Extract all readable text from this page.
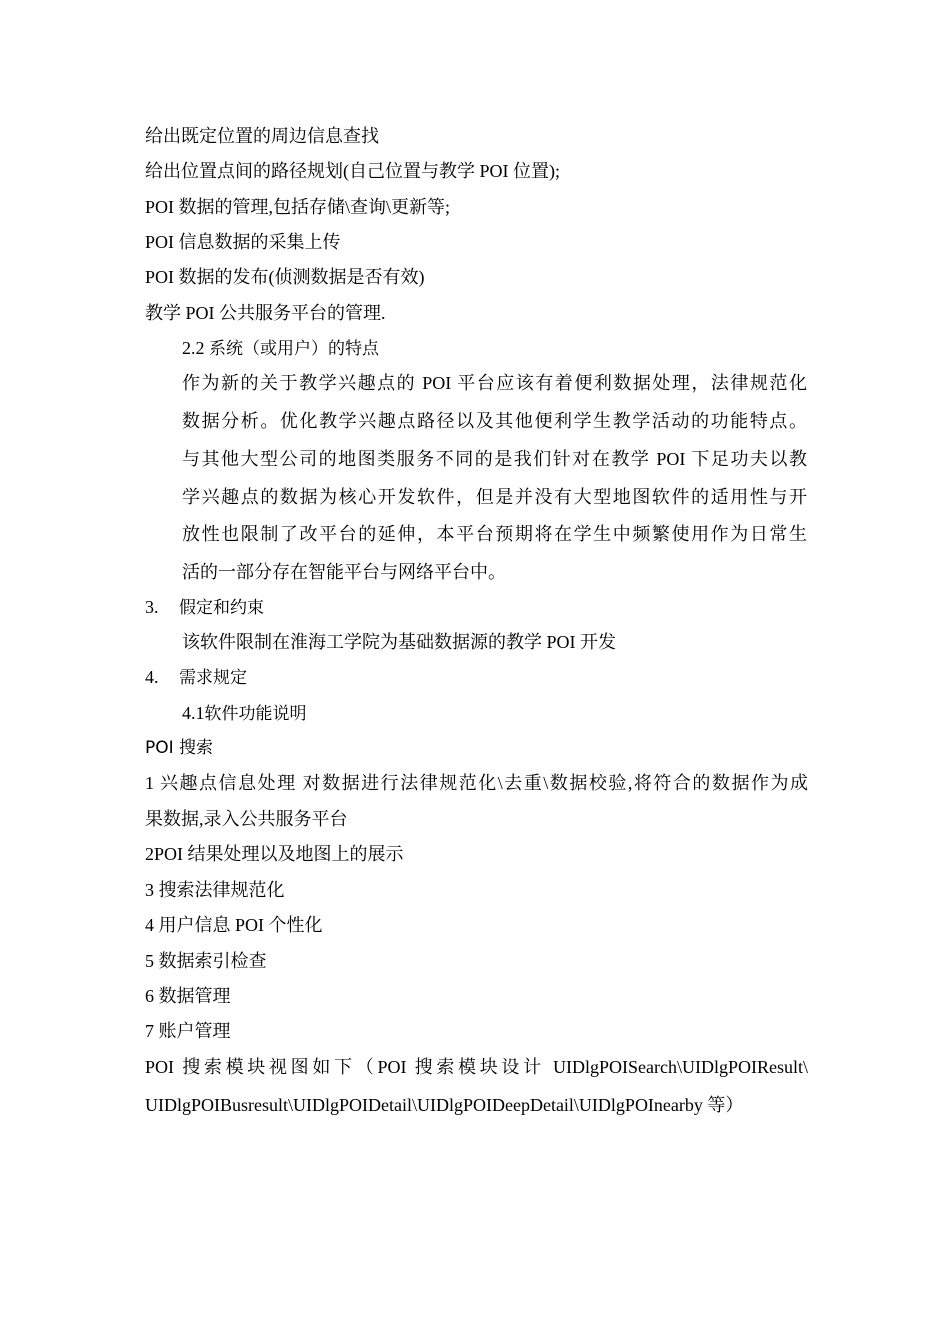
给出既定位置的周边信息查找
给出位置点间的路径规划(自己位置与教学 POI 位置);
POI 数据的管理,包括存储\查询\更新等;
POI 信息数据的采集上传
POI 数据的发布(侦测数据是否有效)
教学 POI 公共服务平台的管理.
2.2 系统（或用户）的特点
作为新的关于教学兴趣点的 POI 平台应该有着便利数据处理，法律规范化
数据分析。优化教学兴趣点路径以及其他便利学生教学活动的功能特点。
与其他大型公司的地图类服务不同的是我们针对在教学 POI 下足功夫以教
学兴趣点的数据为核心开发软件，但是并没有大型地图软件的适用性与开
放性也限制了改平台的延伸，本平台预期将在学生中频繁使用作为日常生
活的一部分存在智能平台与网络平台中。
3. 假定和约束
该软件限制在淮海工学院为基础数据源的教学 POI 开发
4. 需求规定
4.1软件功能说明
POI 搜索
1 兴趣点信息处理 对数据进行法律规范化\去重\数据校验,将符合的数据作为成
果数据,录入公共服务平台
2POI 结果处理以及地图上的展示
3 搜索法律规范化
4 用户信息 POI 个性化
5 数据索引检查
6 数据管理
7 账户管理
POI 搜索模块视图如下（POI 搜索模块设计 UIDlgPOISearch\UIDlgPOIResult\
UIDlgPOIBusresult\UIDlgPOIDetail\UIDlgPOIDeepDetail\UIDlgPOInearby 等）
